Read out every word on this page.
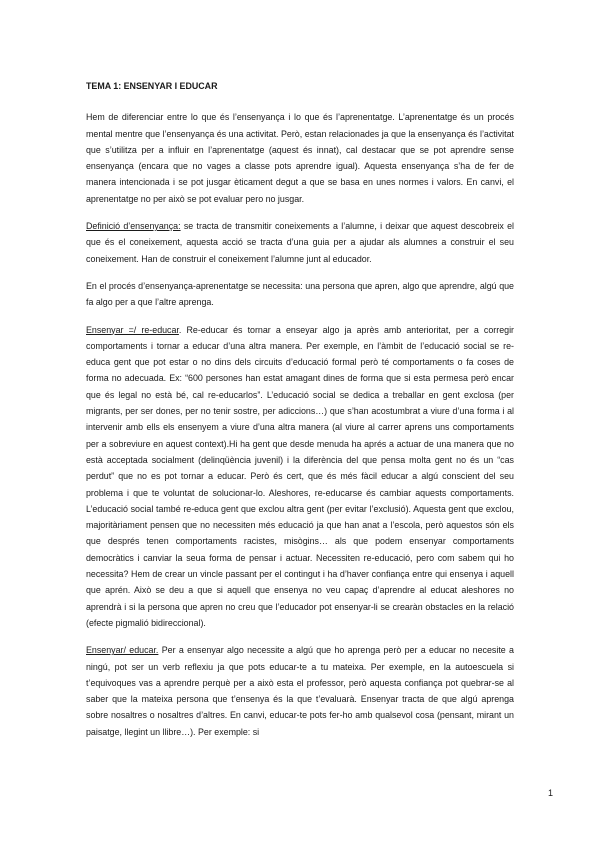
TEMA 1: ENSENYAR I EDUCAR

Hem de diferenciar entre lo que és l’ensenyança i lo que és l’aprenentatge. L’aprenentatge és un procés mental mentre que l’ensenyança és una activitat. Però, estan relacionades ja que la ensenyança és l’activitat que s’utilitza per a influir en l’aprenentatge (aquest és innat), cal destacar que se pot aprendre sense ensenyança (encara que no vages a classe pots aprendre igual). Aquesta ensenyança s’ha de fer de manera intencionada i se pot jusgar èticament degut a que se basa en unes normes i valors. En canvi, el aprenentatge no per això se pot evaluar pero no jusgar.

Definició d’ensenyança: se tracta de transmitir coneixements a l’alumne, i deixar que aquest descobreix el que és el coneixement, aquesta acció se tracta d’una guia per a ajudar als alumnes a construir el seu coneixement. Han de construir el coneixement l’alumne junt al educador.

En el procés d’ensenyança-aprenentatge se necessita: una persona que apren, algo que aprendre, algú que fa algo per a que l’altre aprenga.

Ensenyar =/ re-educar. Re-educar és tornar a enseyar algo ja après amb anterioritat, per a corregir comportaments i tornar a educar d’una altra manera. Per exemple, en l’àmbit de l’educació social se re-educa gent que pot estar o no dins dels circuits d’educació formal però té comportaments o fa coses de forma no adecuada. Ex: “600 persones han estat amagant dines de forma que si esta permesa però encar que és legal no està bé, cal re-educarlos”. L’educació social se dedica a treballar en gent exclosa (per migrants, per ser dones, per no tenir sostre, per adiccions…) que s’han acostumbrat a viure d’una forma i al intervenir amb ells els ensenyem a viure d’una altra manera (al viure al carrer aprens uns comportaments per a sobreviure en aquest context).Hi ha gent que desde menuda ha aprés a actuar de una manera que no està acceptada socialment (delinqüència juvenil) i la diferència del que pensa molta gent no és un “cas perdut” que no es pot tornar a educar. Però és cert, que és més fàcil educar a algú conscient del seu problema i que te voluntat de solucionar-lo. Aleshores, re-educarse és cambiar aquests comportaments. L’educació social també re-educa gent que exclou altra gent (per evitar l’exclusió). Aquesta gent que exclou, majoritàriament pensen que no necessiten més educació ja que han anat a l’escola, però aquestos són els que després tenen comportaments racistes, misògins… als que podem ensenyar comportaments democràtics i canviar la seua forma de pensar i actuar. Necessiten re-educació, pero com sabem qui ho necessita? Hem de crear un vincle passant per el contingut i ha d’haver confiança entre qui ensenya i aquell que aprén. Això se deu a que si aquell que ensenya no veu capaç d’aprendre al educat aleshores no aprendrà i si la persona que apren no creu que l’educador pot ensenyar-li se crearàn obstacles en la relació (efecte pigmalió bidireccional).

Ensenyar/ educar. Per a ensenyar algo necessite a algú que ho aprenga però per a educar no necesite a ningú, pot ser un verb reflexiu ja que pots educar-te a tu mateixa. Per exemple, en la autoescuela si t’equivoques vas a aprendre perquè per a això esta el professor, però aquesta confiança pot quebrar-se al saber que la mateixa persona que t’ensenya és la que t’evaluarà. Ensenyar tracta de que algú aprenga sobre nosaltres o nosaltres d’altres. En canvi, educar-te pots fer-ho amb qualsevol cosa (pensant, mirant un paisatge, llegint un llibre…). Per exemple: si

1
